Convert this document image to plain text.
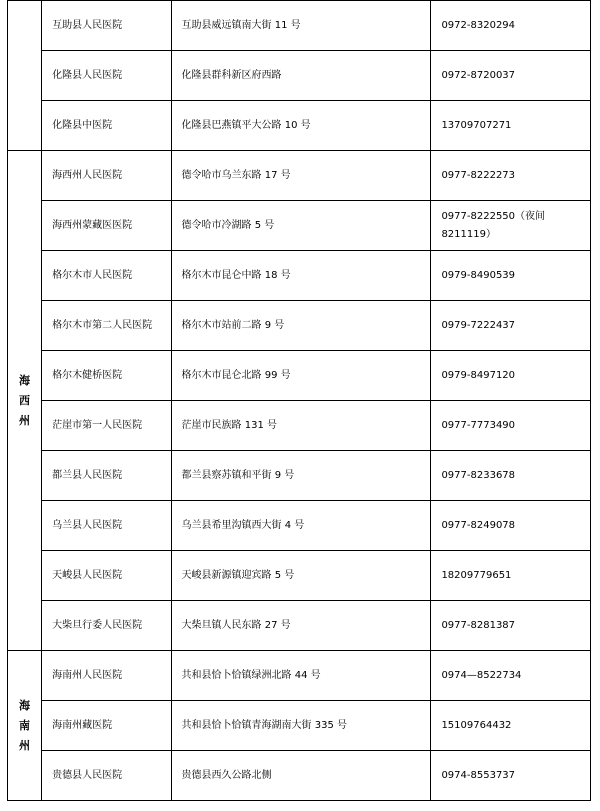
	互助县人民医院	互助县威远镇南大街 11 号	0972-8320294
	化隆县人民医院	化隆县群科新区府西路	0972-8720037
	化隆县中医院	化隆县巴燕镇平大公路 10 号	13709707271
海西州	海西州人民医院	德令哈市乌兰东路 17 号	0977-8222273
	海西州蒙藏医医院	德令哈市冷湖路 5 号	0977-8222550（夜间 8211119）
	格尔木市人民医院	格尔木市昆仑中路 18 号	0979-8490539
	格尔木市第二人民医院	格尔木市站前二路 9 号	0979-7222437
	格尔木健桥医院	格尔木市昆仑北路 99 号	0979-8497120
	茫崖市第一人民医院	茫崖市民族路 131 号	0977-7773490
	都兰县人民医院	都兰县察苏镇和平街 9 号	0977-8233678
	乌兰县人民医院	乌兰县希里沟镇西大街 4 号	0977-8249078
	天峻县人民医院	天峻县新源镇迎宾路 5 号	18209779651
	大柴旦行委人民医院	大柴旦镇人民东路 27 号	0977-8281387
海南州	海南州人民医院	共和县恰卜恰镇绿洲北路 44 号	0974—8522734
	海南州藏医院	共和县恰卜恰镇青海湖南大街 335 号	15109764432
	贵德县人民医院	贵德县西久公路北侧	0974-8553737
